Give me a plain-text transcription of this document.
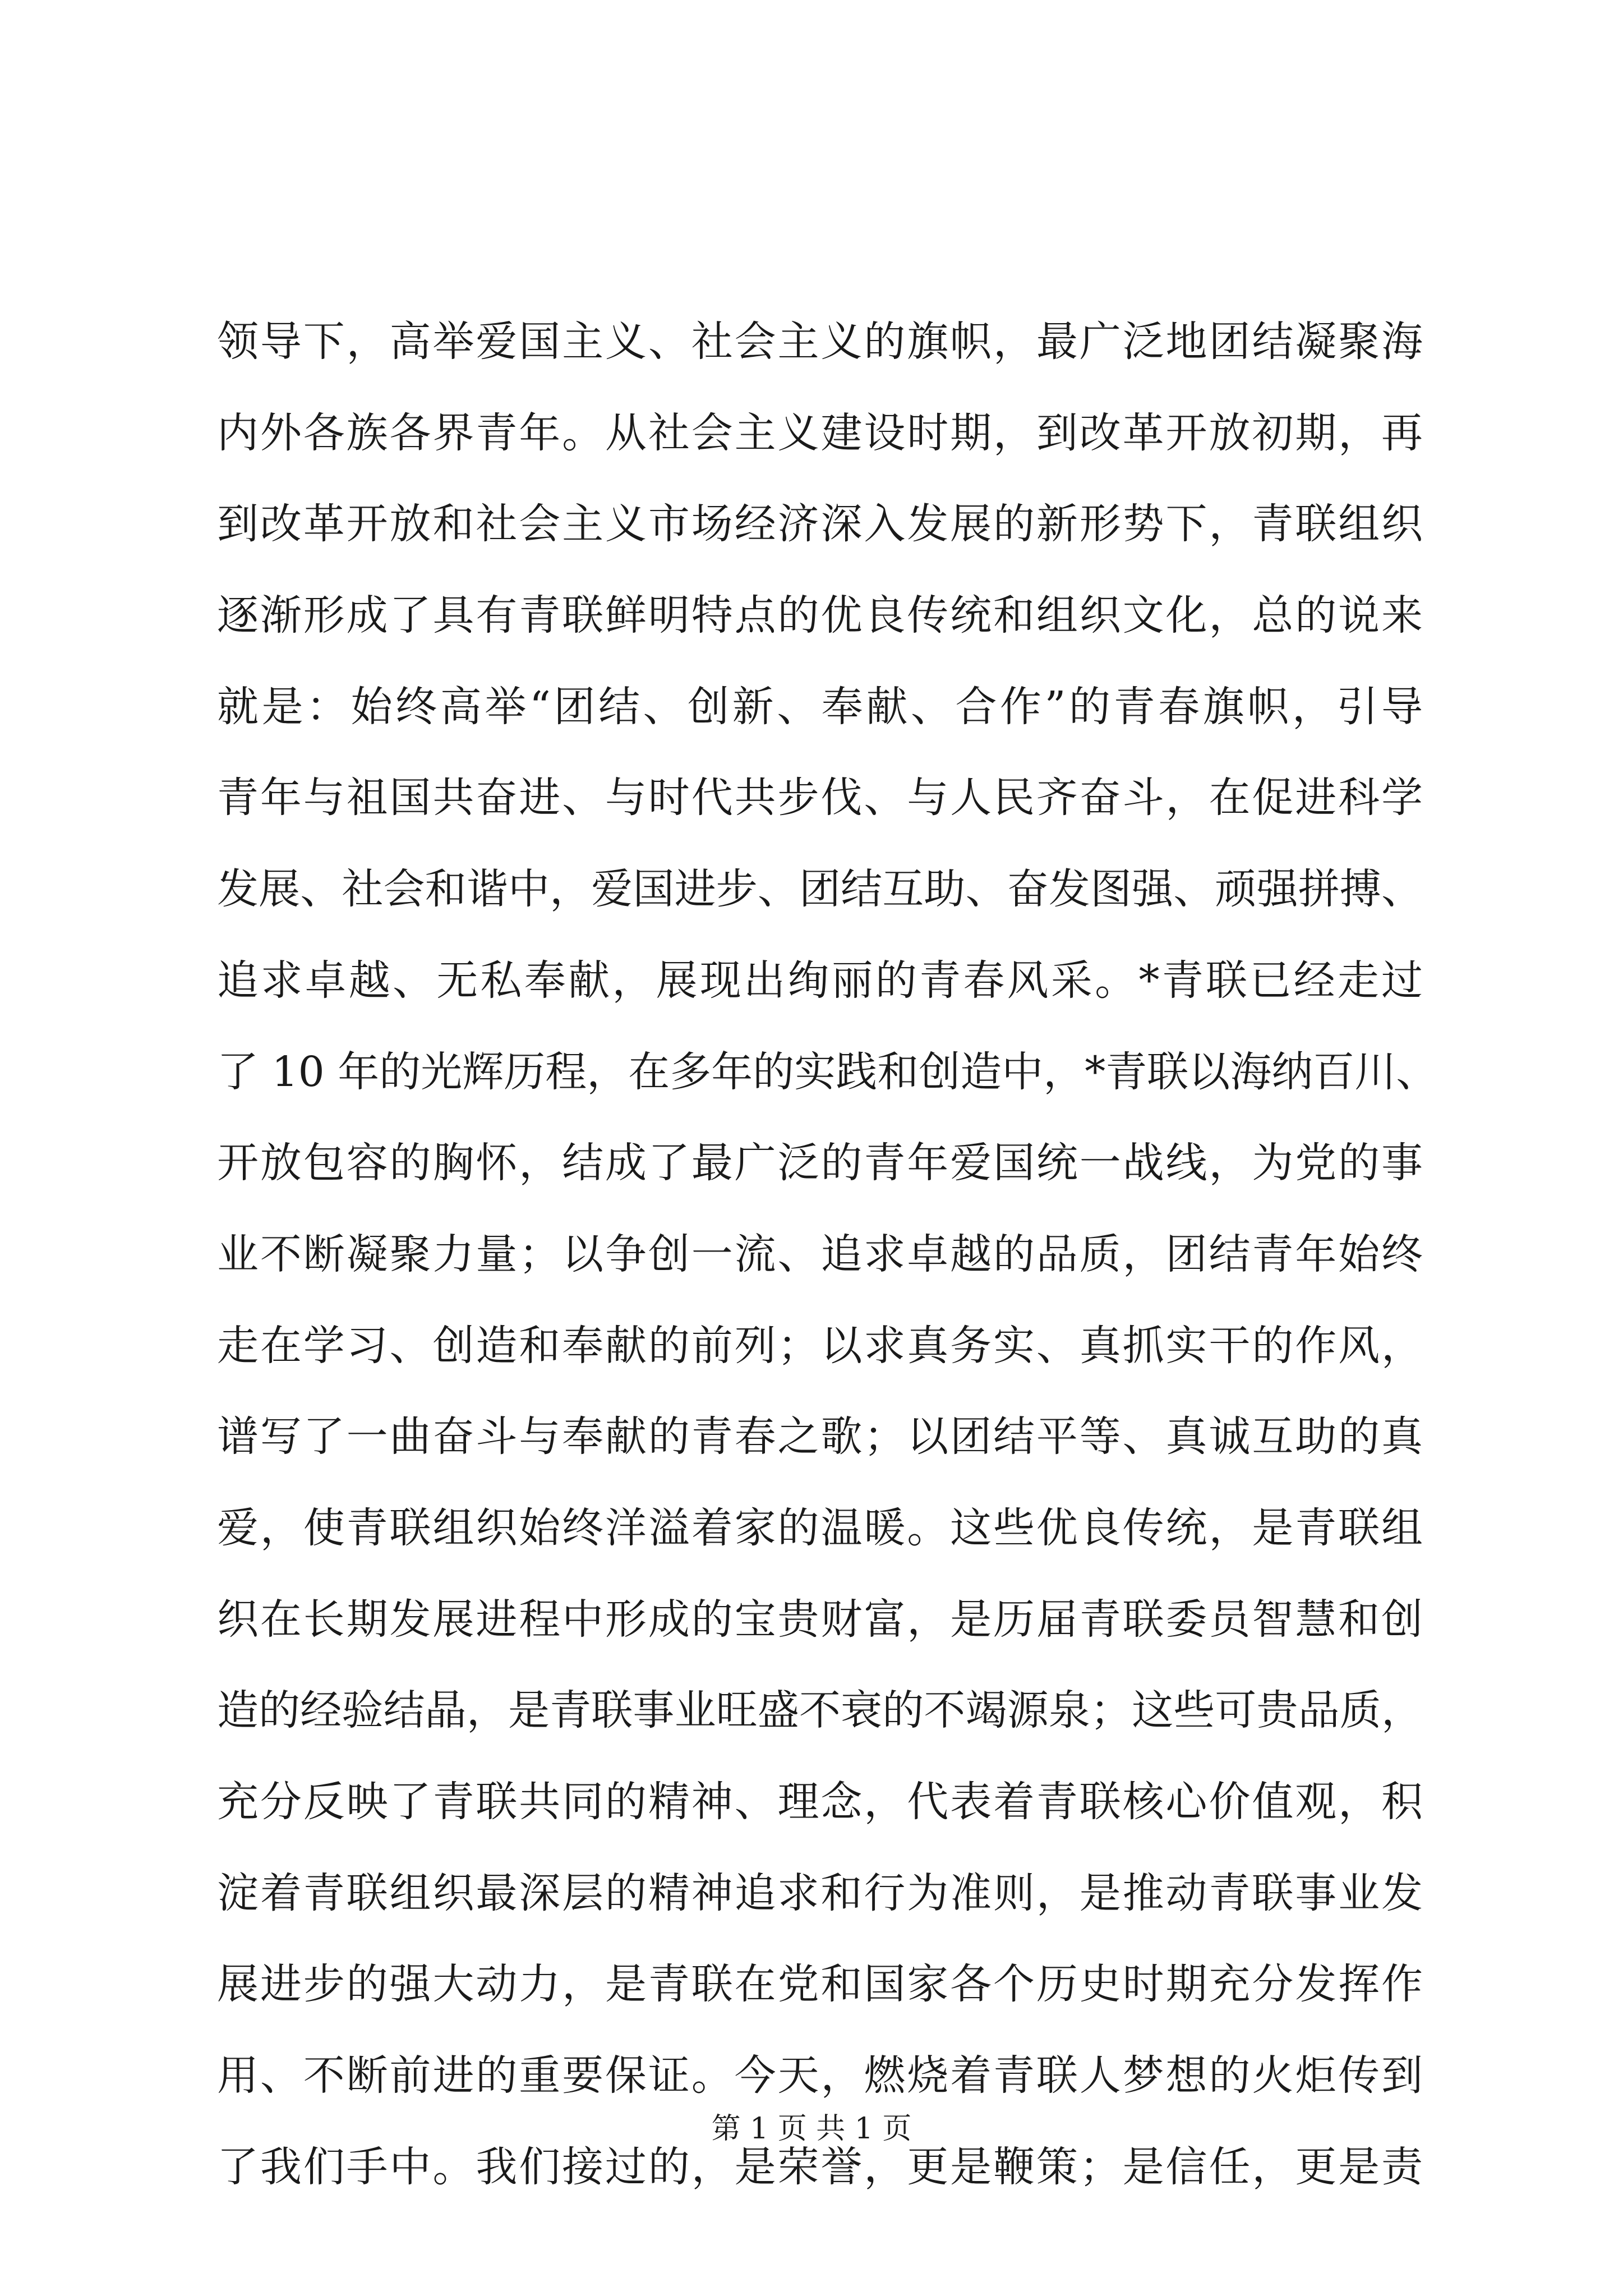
领导下，高举爱国主义、社会主义的旗帜，最广泛地团结凝聚海
内外各族各界青年。从社会主义建设时期，到改革开放初期，再
到改革开放和社会主义市场经济深入发展的新形势下，青联组织
逐渐形成了具有青联鲜明特点的优良传统和组织文化，总的说来
就是：始终高举“团结、创新、奉献、合作”的青春旗帜，引导
青年与祖国共奋进、与时代共步伐、与人民齐奋斗，在促进科学
发展、社会和谐中，爱国进步、团结互助、奋发图强、顽强拼搏、
追求卓越、无私奉献，展现出绚丽的青春风采。*青联已经走过
了 10 年的光辉历程，在多年的实践和创造中，*青联以海纳百川、
开放包容的胸怀，结成了最广泛的青年爱国统一战线，为党的事
业不断凝聚力量；以争创一流、追求卓越的品质，团结青年始终
走在学习、创造和奉献的前列；以求真务实、真抓实干的作风，
谱写了一曲奋斗与奉献的青春之歌；以团结平等、真诚互助的真
爱，使青联组织始终洋溢着家的温暖。这些优良传统，是青联组
织在长期发展进程中形成的宝贵财富，是历届青联委员智慧和创
造的经验结晶，是青联事业旺盛不衰的不竭源泉；这些可贵品质，
充分反映了青联共同的精神、理念，代表着青联核心价值观，积
淀着青联组织最深层的精神追求和行为准则，是推动青联事业发
展进步的强大动力，是青联在党和国家各个历史时期充分发挥作
用、不断前进的重要保证。今天，燃烧着青联人梦想的火炬传到
了我们手中。我们接过的，是荣誉，更是鞭策；是信任，更是责
第 1 页 共 1 页
